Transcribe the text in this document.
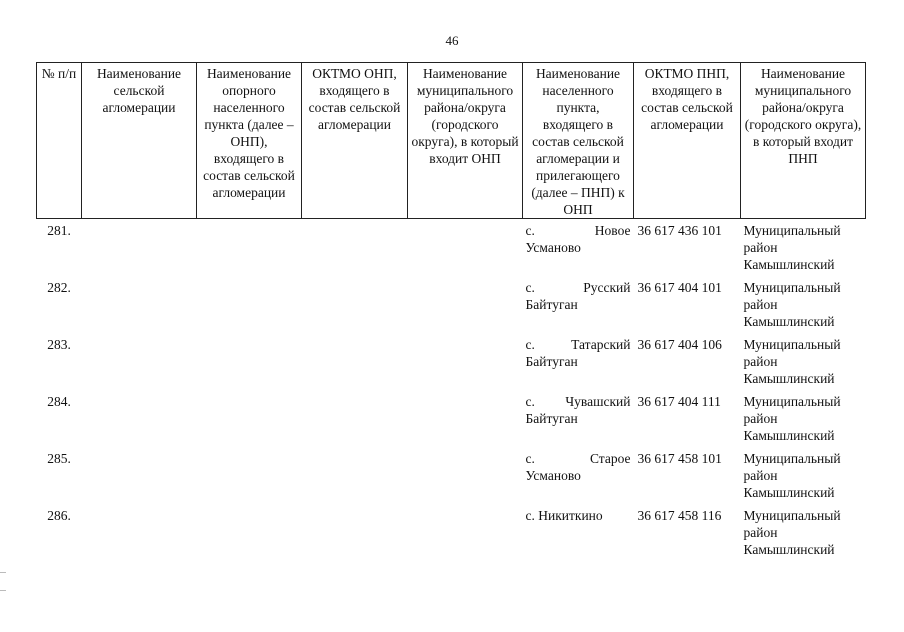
46
№ п/п	Наименование сельской агломерации	Наименование опорного населенного пункта (далее – ОНП), входящего в состав сельской агломерации	ОКТМО ОНП, входящего в состав сельской агломерации	Наименование муниципального района/округа (городского округа), в который входит ОНП	Наименование населенного пункта, входящего в состав сельской агломерации и прилегающего (далее – ПНП) к ОНП	ОКТМО ПНП, входящего в состав сельской агломерации	Наименование муниципального района/округа (городского округа), в который входит ПНП
281.					с. Новое Усманово	36 617 436 101	Муниципальный район Камышлинский
282.					с. Русский Байтуган	36 617 404 101	Муниципальный район Камышлинский
283.					с. Татарский Байтуган	36 617 404 106	Муниципальный район Камышлинский
284.					с. Чувашский Байтуган	36 617 404 111	Муниципальный район Камышлинский
285.					с. Старое Усманово	36 617 458 101	Муниципальный район Камышлинский
286.					с. Никиткино	36 617 458 116	Муниципальный район Камышлинский
